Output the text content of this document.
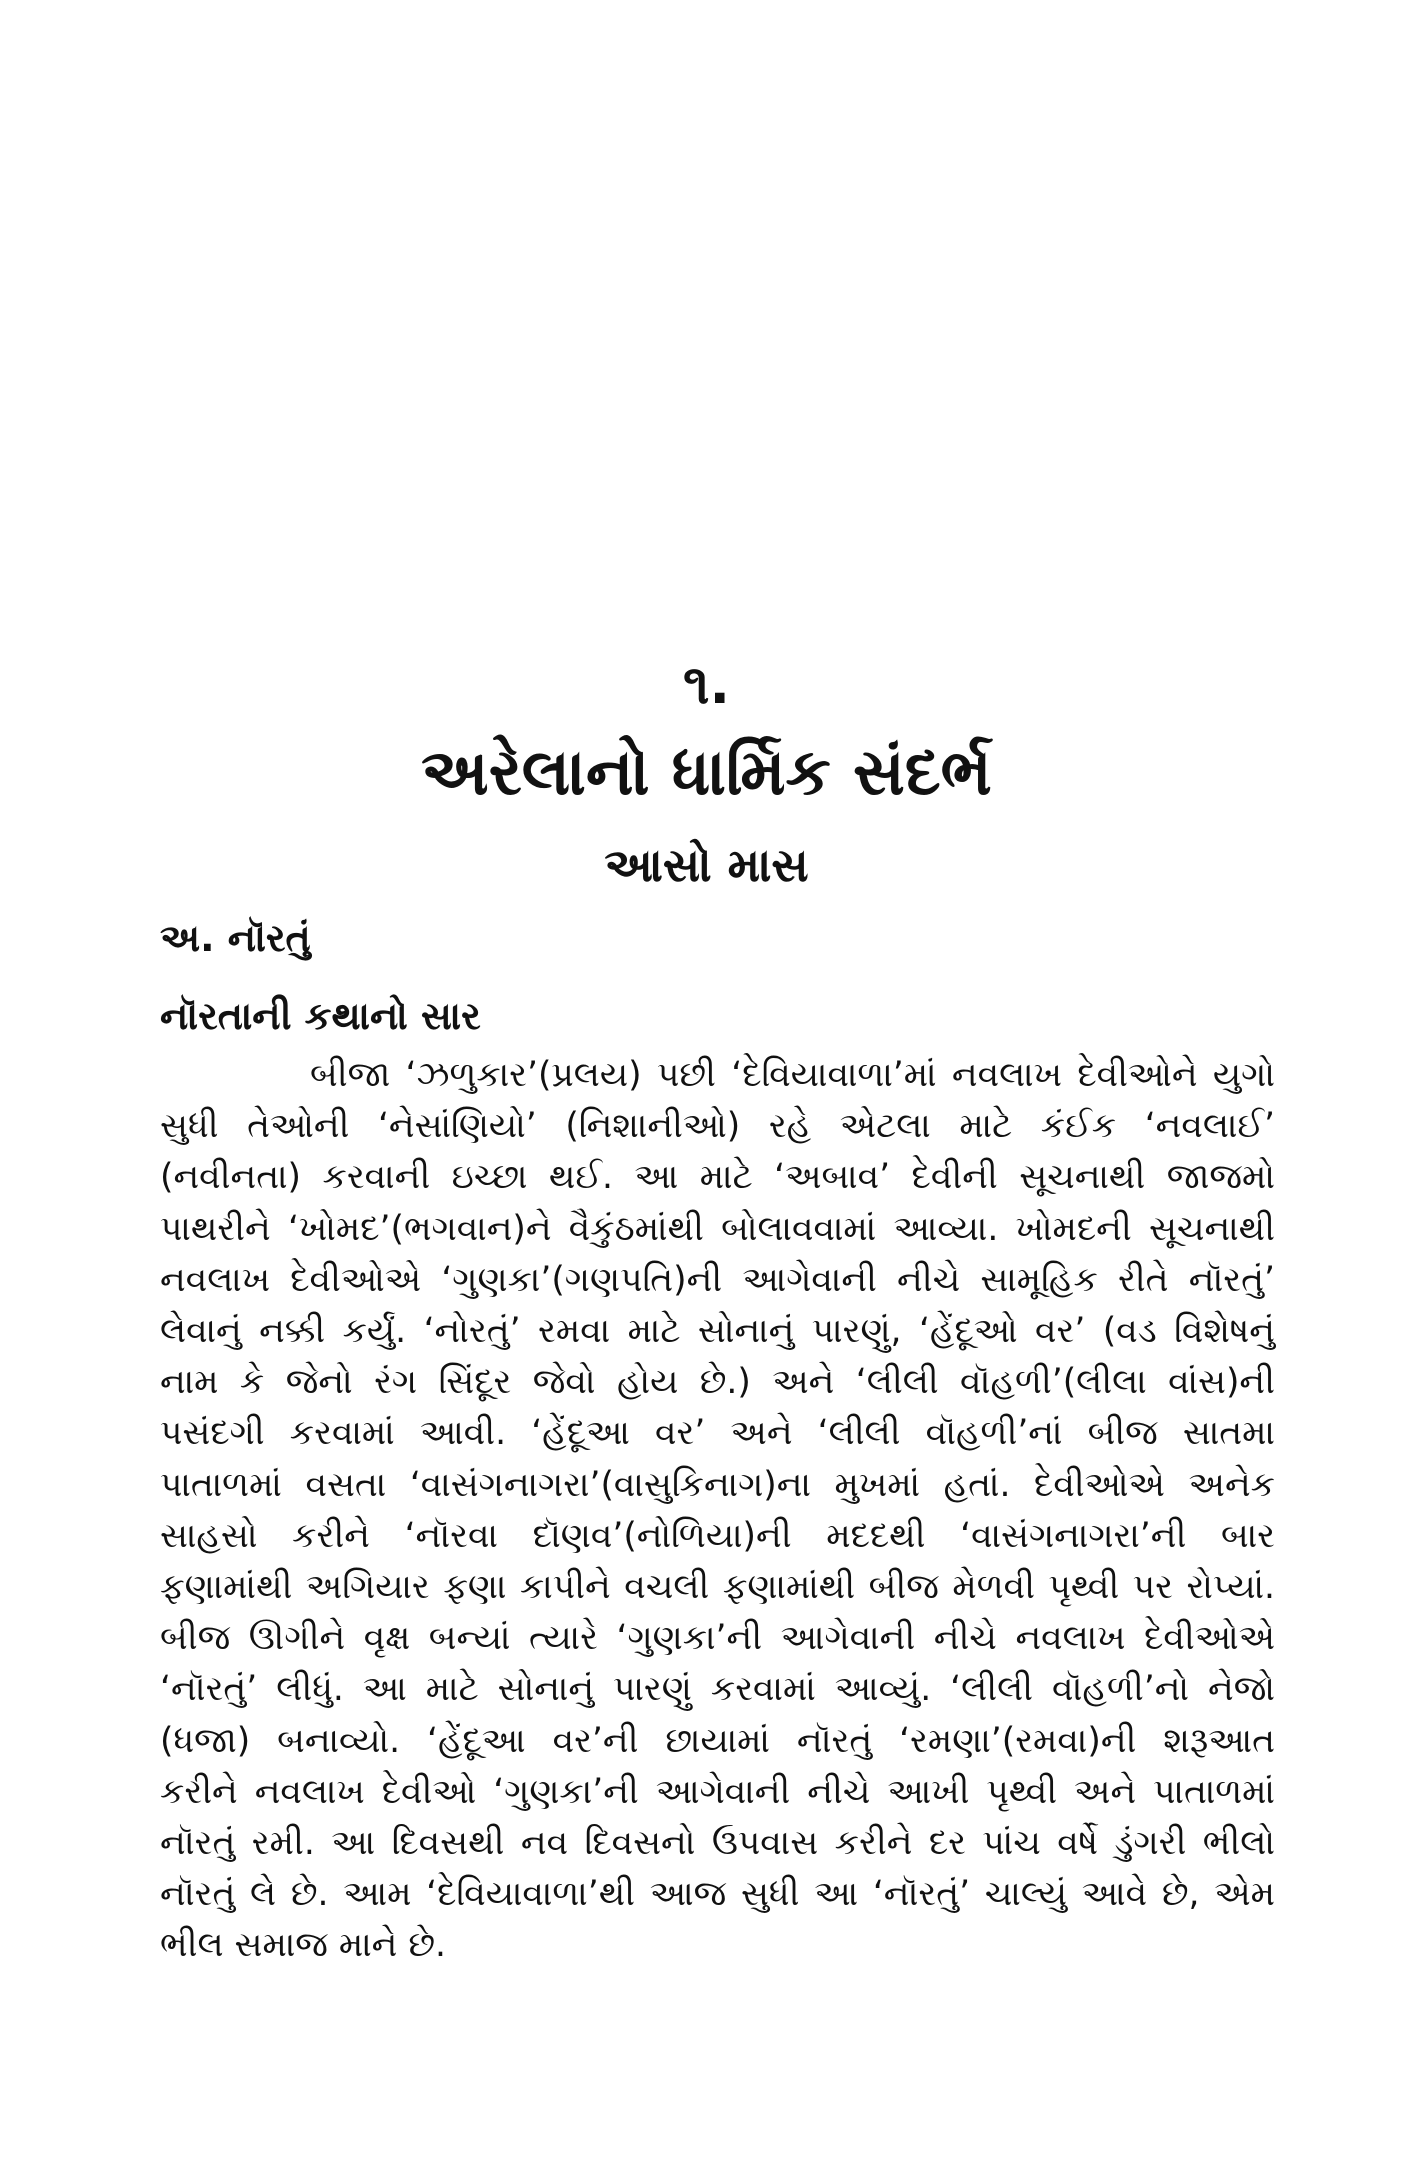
૧.
અરેલાનો ધાર્મિક સંદર્ભ
આસો માસ
અ. નૉરતું
નૉરતાની કથાનો સાર

બીજા ‘ઝળુકાર’(પ્રલય) પછી ‘દેવિયાવાળા’માં નવલાખ દેવીઓને યુગો
સુધી તેઓની ‘નેસાંણિયો’ (નિશાનીઓ) રહે એટલા માટે કંઈક ‘નવલાઈ’
(નવીનતા) કરવાની ઇચ્છા થઈ. આ માટે ‘અબાવ’ દેવીની સૂચનાથી જાજમો
પાથરીને ‘ખોમદ’(ભગવાન)ને વૈકુંઠમાંથી બોલાવવામાં આવ્યા. ખોમદની સૂચનાથી
નવલાખ દેવીઓએ ‘ગુણકા’(ગણપતિ)ની આગેવાની નીચે સામૂહિક રીતે નૉરતું’
લેવાનું નક્કી કર્યું. ‘નોરતું’ રમવા માટે સોનાનું પારણું, ‘હેંદૂઓ વર’ (વડ વિશેષનું
નામ કે જેનો રંગ સિંદૂર જેવો હોય છે.) અને ‘લીલી વૉહળી’(લીલા વાંસ)ની
પસંદગી કરવામાં આવી. ‘હેંદૂઆ વર’ અને ‘લીલી વૉહળી’નાં બીજ સાતમા
પાતાળમાં વસતા ‘વાસંગનાગરા’(વાસુકિનાગ)ના મુખમાં હતાં. દેવીઓએ અનેક
સાહસો કરીને ‘નૉરવા દૉણવ’(નોળિયા)ની મદદથી ‘વાસંગનાગરા’ની બાર
ફણામાંથી અગિયાર ફણા કાપીને વચલી ફણામાંથી બીજ મેળવી પૃથ્વી પર રોપ્યાં.
બીજ ઊગીને વૃક્ષ બન્યાં ત્યારે ‘ગુણકા’ની આગેવાની નીચે નવલાખ દેવીઓએ
‘નૉરતું’ લીધું. આ માટે સોનાનું પારણું કરવામાં આવ્યું. ‘લીલી વૉહળી’નો નેજો
(ધજા) બનાવ્યો. ‘હેંદૂઆ વર’ની છાયામાં નૉરતું ‘રમણા’(રમવા)ની શરૂઆત
કરીને નવલાખ દેવીઓ ‘ગુણકા’ની આગેવાની નીચે આખી પૃથ્વી અને પાતાળમાં
નૉરતું રમી. આ દિવસથી નવ દિવસનો ઉપવાસ કરીને દર પાંચ વર્ષે ડુંગરી ભીલો
નૉરતું લે છે. આમ ‘દેવિયાવાળા’થી આજ સુધી આ ‘નૉરતું’ ચાલ્યું આવે છે, એમ
ભીલ સમાજ માને છે.
